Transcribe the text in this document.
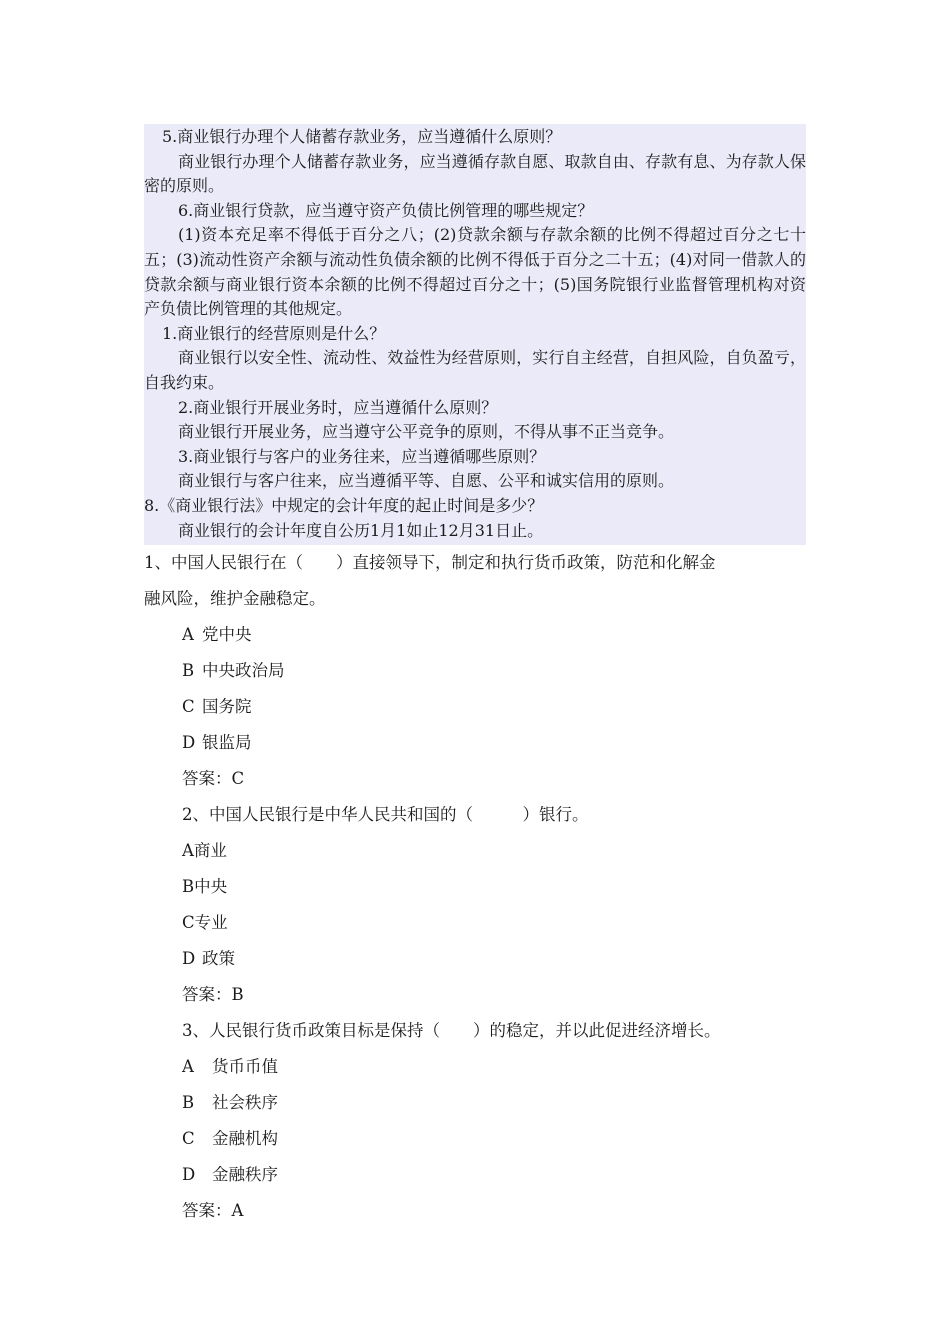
5.商业银行办理个人储蓄存款业务，应当遵循什么原则？

商业银行办理个人储蓄存款业务，应当遵循存款自愿、取款自由、存款有息、为存款人保密的原则。

6.商业银行贷款，应当遵守资产负债比例管理的哪些规定？

(1)资本充足率不得低于百分之八；(2)贷款余额与存款余额的比例不得超过百分之七十五；(3)流动性资产余额与流动性负债余额的比例不得低于百分之二十五；(4)对同一借款人的贷款余额与商业银行资本余额的比例不得超过百分之十；(5)国务院银行业监督管理机构对资产负债比例管理的其他规定。

1.商业银行的经营原则是什么？

商业银行以安全性、流动性、效益性为经营原则，实行自主经营，自担风险，自负盈亏，自我约束。

2.商业银行开展业务时，应当遵循什么原则？

商业银行开展业务，应当遵守公平竞争的原则，不得从事不正当竞争。

3.商业银行与客户的业务往来，应当遵循哪些原则？

商业银行与客户往来，应当遵循平等、自愿、公平和诚实信用的原则。

8.《商业银行法》中规定的会计年度的起止时间是多少？

商业银行的会计年度自公历1月1如止12月31日止。

1、中国人民银行在（　　）直接领导下，制定和执行货币政策，防范和化解金
融风险，维护金融稳定。

A 党中央

B 中央政治局

C 国务院

D 银监局

答案：C

2、中国人民银行是中华人民共和国的（　　　）银行。

A商业

B中央

C专业

D 政策

答案：B

3、人民银行货币政策目标是保持（　　）的稳定，并以此促进经济增长。

A 货币币值

B 社会秩序

C 金融机构

D 金融秩序

答案：A
